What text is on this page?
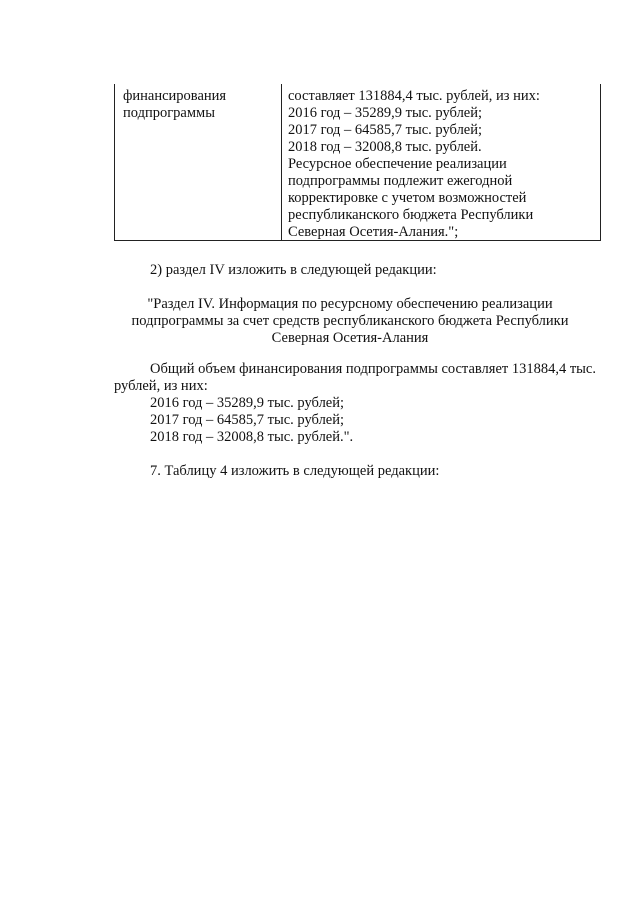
финансирования
подпрограммы
составляет 131884,4 тыс. рублей, из них:
2016 год – 35289,9 тыс. рублей;
2017 год – 64585,7 тыс. рублей;
2018 год – 32008,8 тыс. рублей.
Ресурсное обеспечение реализации
подпрограммы подлежит ежегодной
корректировке с учетом возможностей
республиканского бюджета Республики
Северная Осетия-Алания.";
2) раздел IV изложить в следующей редакции:
"Раздел IV. Информация по ресурсному обеспечению реализации
подпрограммы за счет средств республиканского бюджета Республики
Северная Осетия-Алания
Общий объем финансирования подпрограммы составляет 131884,4 тыс.
рублей, из них:
2016 год – 35289,9 тыс. рублей;
2017 год – 64585,7 тыс. рублей;
2018 год – 32008,8 тыс. рублей.".
7. Таблицу 4 изложить в следующей редакции:
